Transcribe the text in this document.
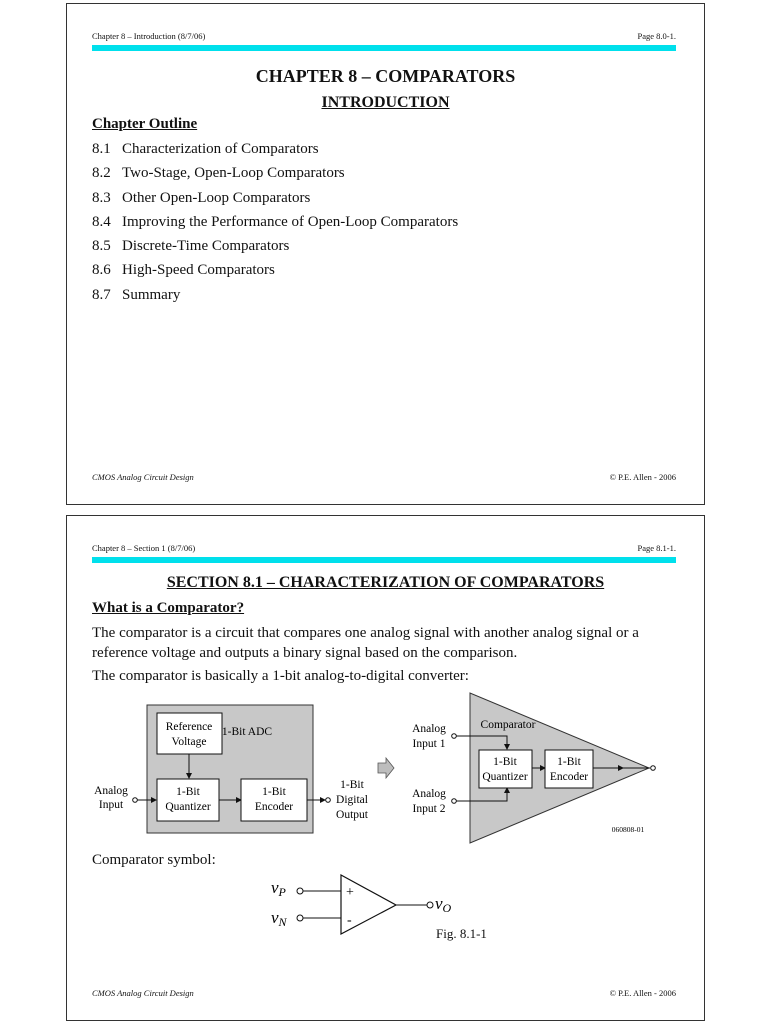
Chapter 8 – Introduction (8/7/06)	Page 8.0-1.
CHAPTER 8 – COMPARATORS
INTRODUCTION
Chapter Outline
8.1 Characterization of Comparators
8.2 Two-Stage, Open-Loop Comparators
8.3 Other Open-Loop Comparators
8.4 Improving the Performance of Open-Loop Comparators
8.5 Discrete-Time Comparators
8.6 High-Speed Comparators
8.7 Summary
CMOS Analog Circuit Design	© P.E. Allen - 2006
Chapter 8 – Section 1 (8/7/06)	Page 8.1-1.
SECTION 8.1 – CHARACTERIZATION OF COMPARATORS
What is a Comparator?
The comparator is a circuit that compares one analog signal with another analog signal or a reference voltage and outputs a binary signal based on the comparison.
The comparator is basically a 1-bit analog-to-digital converter:
1-Bit ADC
Reference
Voltage
1-Bit
Quantizer
1-Bit
Encoder
Analog
Input
1-Bit
Digital
Output
Comparator
Analog
Input 1
Analog
Input 2
1-Bit
Quantizer
1-Bit
Encoder
060808-01
Comparator symbol:
vP
vN
+
-
vO
Fig. 8.1-1
CMOS Analog Circuit Design	© P.E. Allen - 2006
